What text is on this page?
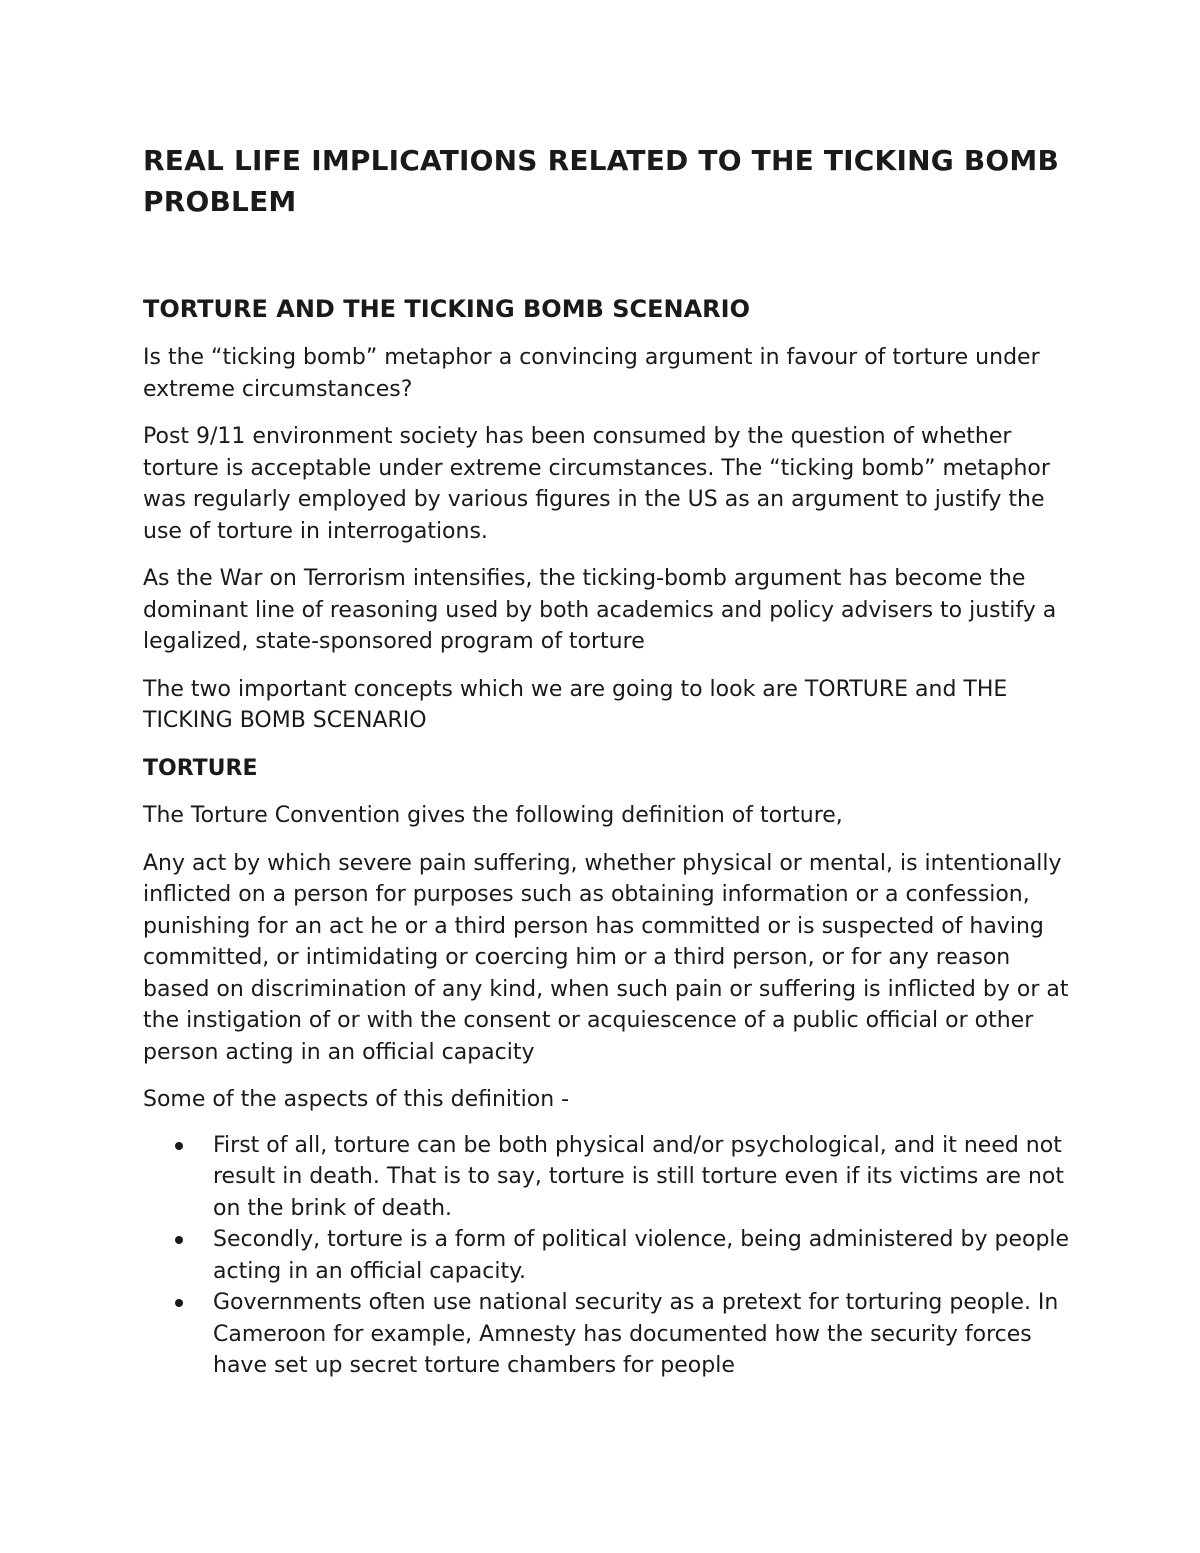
REAL LIFE IMPLICATIONS RELATED TO THE TICKING BOMB PROBLEM
TORTURE AND THE TICKING BOMB SCENARIO

Is the “ticking bomb” metaphor a convincing argument in favour of torture under extreme circumstances?

Post 9/11 environment society has been consumed by the question of whether torture is acceptable under extreme circumstances. The “ticking bomb” metaphor was regularly employed by various figures in the US as an argument to justify the use of torture in interrogations.

As the War on Terrorism intensifies, the ticking-bomb argument has become the dominant line of reasoning used by both academics and policy advisers to justify a legalized, state-sponsored program of torture

The two important concepts which we are going to look are TORTURE and THE TICKING BOMB SCENARIO

TORTURE

The Torture Convention gives the following definition of torture,

Any act by which severe pain suffering, whether physical or mental, is intentionally inflicted on a person for purposes such as obtaining information or a confession, punishing for an act he or a third person has committed or is suspected of having committed, or intimidating or coercing him or a third person, or for any reason based on discrimination of any kind, when such pain or suffering is inflicted by or at the instigation of or with the consent or acquiescence of a public official or other person acting in an official capacity

Some of the aspects of this definition -

First of all, torture can be both physical and/or psychological, and it need not result in death. That is to say, torture is still torture even if its victims are not on the brink of death.
Secondly, torture is a form of political violence, being administered by people acting in an official capacity.
Governments often use national security as a pretext for torturing people. In Cameroon for example, Amnesty has documented how the security forces have set up secret torture chambers for people
